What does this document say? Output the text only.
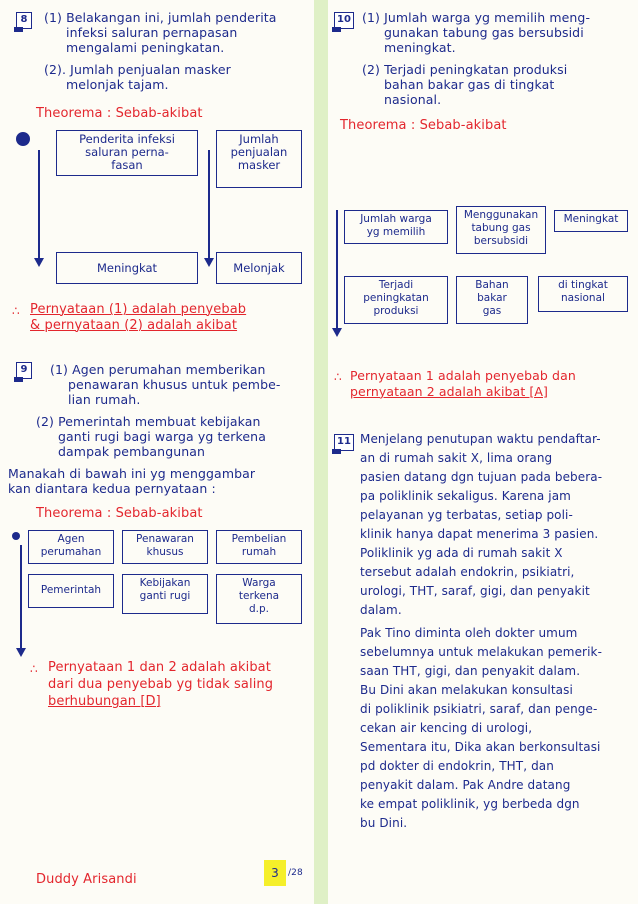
8	(1) Belakangan ini, jumlah penderita
infeksi saluran pernapasan
mengalami peningkatan.
(2). Jumlah penjualan masker
melonjak tajam.
Theorema : Sebab-akibat
Penderita infeksi
saluran perna-
fasan
Jumlah
penjualan
masker
Meningkat	Melonjak
∴ Pernyataan (1) adalah penyebab
& pernyataan (2) adalah akibat
9	(1) Agen perumahan memberikan
penawaran khusus untuk pembe-
lian rumah.
(2) Pemerintah membuat kebijakan
ganti rugi bagi warga yg terkena
dampak pembangunan
Manakah di bawah ini yg menggambar
kan diantara kedua pernyataan :
Theorema : Sebab-akibat
Agen
perumahan
Penawaran
khusus
Pembelian
rumah
Pemerintah
Kebijakan
ganti rugi
Warga
terkena
d.p.
∴ Pernyataan 1 dan 2 adalah akibat
dari dua penyebab yg tidak saling
berhubungan [D]
Duddy Arisandi	3	/28
10 (1) Jumlah warga yg memilih meng-
gunakan tabung gas bersubsidi
meningkat.
(2) Terjadi peningkatan produksi
bahan bakar gas di tingkat
nasional.
Theorema : Sebab-akibat
Jumlah warga
yg memilih
Menggunakan
tabung gas
bersubsidi
Meningkat
Terjadi
peningkatan
produksi
Bahan
bakar
gas
di tingkat
nasional
∴ Pernyataan 1 adalah penyebab dan
pernyataan 2 adalah akibat [A]
11 Menjelang penutupan waktu pendaftar-
an di rumah sakit X, lima orang
pasien datang dgn tujuan pada bebera-
pa poliklinik sekaligus. Karena jam
pelayanan yg terbatas, setiap poli-
klinik hanya dapat menerima 3 pasien.
Poliklinik yg ada di rumah sakit X
tersebut adalah endokrin, psikiatri,
urologi, THT, saraf, gigi, dan penyakit
dalam.
Pak Tino diminta oleh dokter umum
sebelumnya untuk melakukan pemerik-
saan THT, gigi, dan penyakit dalam.
Bu Dini akan melakukan konsultasi
di poliklinik psikiatri, saraf, dan penge-
cekan air kencing di urologi,
Sementara itu, Dika akan berkonsultasi
pd dokter di endokrin, THT, dan
penyakit dalam. Pak Andre datang
ke empat poliklinik, yg berbeda dgn
bu Dini.
